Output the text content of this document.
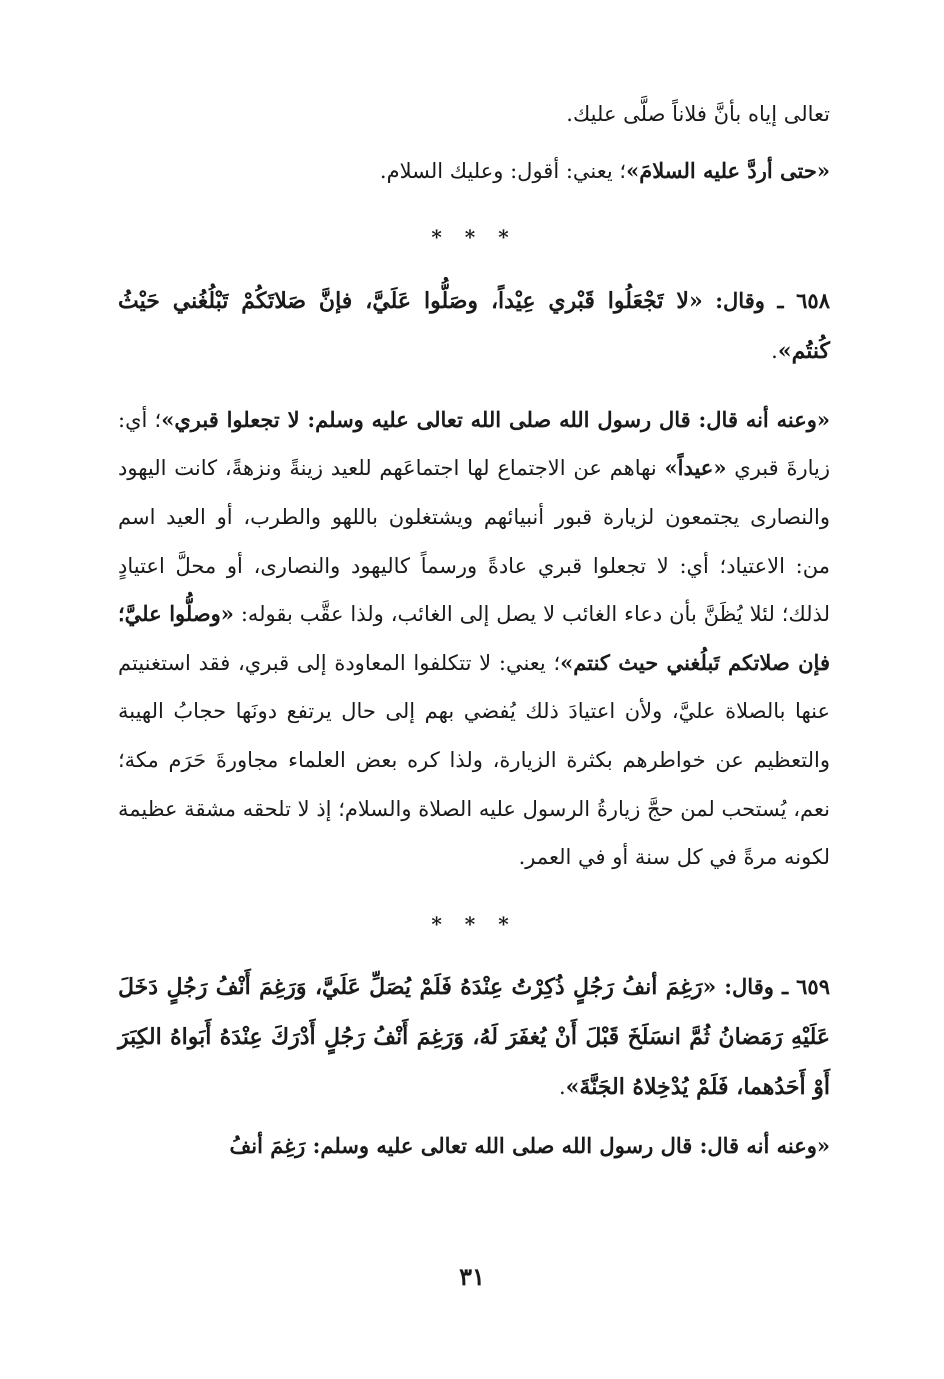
تعالى إياه بأنَّ فلاناً صلَّى عليك.

«حتى أردَّ عليه السلامَ»؛ يعني: أقول: وعليك السلام.

* * *

٦٥٨ ـ وقال: «لا تَجْعَلُوا قَبْري عِيْداً، وصَلُّوا عَلَيَّ، فإنَّ صَلاتَكُمْ تَبْلُغُني حَيْثُ كُنتُم».

«وعنه أنه قال: قال رسول الله صلى الله تعالى عليه وسلم: لا تجعلوا قبري»؛ أي: زيارةَ قبري «عيداً» نهاهم عن الاجتماع لها اجتماعَهم للعيد زينةً ونزهةً، كانت اليهود والنصارى يجتمعون لزيارة قبور أنبيائهم ويشتغلون باللهو والطرب، أو العيد اسم من: الاعتياد؛ أي: لا تجعلوا قبري عادةً ورسماً كاليهود والنصارى، أو محلَّ اعتيادٍ لذلك؛ لئلا يُظَنَّ بأن دعاء الغائب لا يصل إلى الغائب، ولذا عقَّب بقوله: «وصلُّوا عليَّ؛ فإن صلاتكم تَبلُغني حيث كنتم»؛ يعني: لا تتكلفوا المعاودة إلى قبري، فقد استغنيتم عنها بالصلاة عليَّ، ولأن اعتيادَ ذلك يُفضي بهم إلى حال يرتفع دونَها حجابُ الهيبة والتعظيم عن خواطرهم بكثرة الزيارة، ولذا كره بعض العلماء مجاورةَ حَرَم مكة؛ نعم، يُستحب لمن حجَّ زيارةُ الرسول عليه الصلاة والسلام؛ إذ لا تلحقه مشقة عظيمة لكونه مرةً في كل سنة أو في العمر.

* * *

٦٥٩ ـ وقال: «رَغِمَ أنفُ رَجُلٍ ذُكِرْتُ عِنْدَهُ فَلَمْ يُصَلِّ عَلَيَّ، وَرَغِمَ أَنْفُ رَجُلٍ دَخَلَ عَلَيْهِ رَمَضانُ ثُمَّ انسَلَخَ قَبْلَ أَنْ يُغفَرَ لَهُ، وَرَغِمَ أَنْفُ رَجُلٍ أَدْرَكَ عِنْدَهُ أَبَواهُ الكِبَرَ أَوْ أَحَدُهما، فَلَمْ يُدْخِلاهُ الجَنَّةَ».

«وعنه أنه قال: قال رسول الله صلى الله تعالى عليه وسلم: رَغِمَ أنفُ

٣١
